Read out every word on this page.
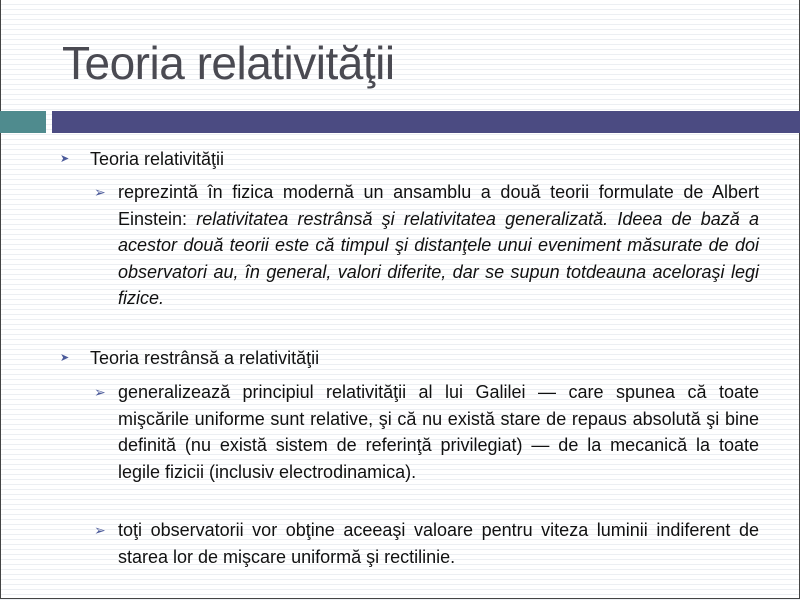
Teoria relativităţii
➤ Teoria relativităţii
➢ reprezintă în fizica modernă un ansamblu a două teorii formulate de Albert Einstein: relativitatea restrânsă şi relativitatea generalizată. Ideea de bază a acestor două teorii este că timpul şi distanţele unui eveniment măsurate de doi observatori au, în general, valori diferite, dar se supun totdeauna aceloraşi legi fizice.
➤ Teoria restrânsă a relativităţii
➢ generalizează principiul relativităţii al lui Galilei — care spunea că toate mişcările uniforme sunt relative, şi că nu există stare de repaus absolută şi bine definită (nu există sistem de referinţă privilegiat) — de la mecanică la toate legile fizicii (inclusiv electrodinamica).
➢ toţi observatorii vor obţine aceeaşi valoare pentru viteza luminii indiferent de starea lor de mişcare uniformă şi rectilinie.
